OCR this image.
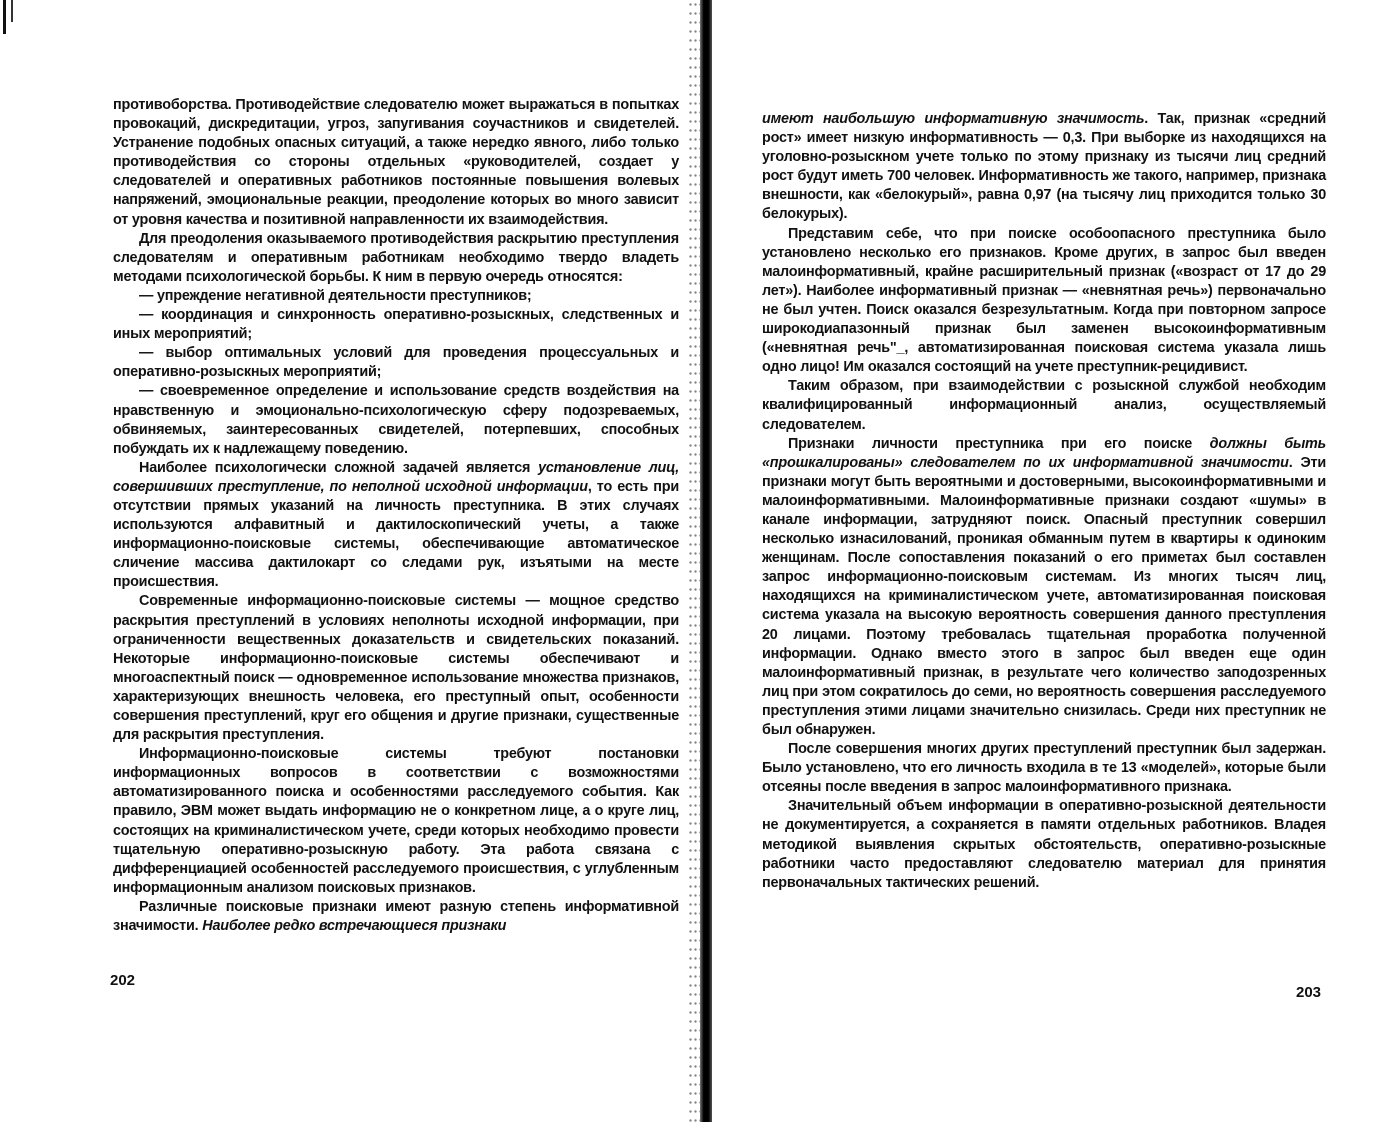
противоборства. Противодействие следователю может выражаться в попытках провокаций, дискредитации, угроз, запугивания соучастников и свидетелей. Устранение подобных опасных ситуаций, а также нередко явного, либо только противодействия со стороны отдельных «руководителей, создает у следователей и оперативных работников постоянные повышения волевых напряжений, эмоциональные реакции, преодоление которых во много зависит от уровня качества и позитивной направленности их взаимодействия.

Для преодоления оказываемого противодействия раскрытию преступления следователям и оперативным работникам необходимо твердо владеть методами психологической борьбы. К ним в первую очередь относятся:

— упреждение негативной деятельности преступников;

— координация и синхронность оперативно-розыскных, следственных и иных мероприятий;

— выбор оптимальных условий для проведения процессуальных и оперативно-розыскных мероприятий;

— своевременное определение и использование средств воздействия на нравственную и эмоционально-психологическую сферу подозреваемых, обвиняемых, заинтересованных свидетелей, потерпевших, способных побуждать их к надлежащему поведению.

Наиболее психологически сложной задачей является установление лиц, совершивших преступление, по неполной исходной информации, то есть при отсутствии прямых указаний на личность преступника. В этих случаях используются алфавитный и дактилоскопический учеты, а также информационно-поисковые системы, обеспечивающие автоматическое сличение массива дактилокарт со следами рук, изъятыми на месте происшествия.

Современные информационно-поисковые системы — мощное средство раскрытия преступлений в условиях неполноты исходной информации, при ограниченности вещественных доказательств и свидетельских показаний. Некоторые информационно-поисковые системы обеспечивают и многоаспектный поиск — одновременное использование множества признаков, характеризующих внешность человека, его преступный опыт, особенности совершения преступлений, круг его общения и другие признаки, существенные для раскрытия преступления.

Информационно-поисковые системы требуют постановки информационных вопросов в соответствии с возможностями автоматизированного поиска и особенностями расследуемого события. Как правило, ЭВМ может выдать информацию не о конкретном лице, а о круге лиц, состоящих на криминалистическом учете, среди которых необходимо провести тщательную оперативно-розыскную работу. Эта работа связана с дифференциацией особенностей расследуемого происшествия, с углубленным информационным анализом поисковых признаков.

Различные поисковые признаки имеют разную степень информативной значимости. Наиболее редко встречающиеся признаки

202

имеют наибольшую информативную значимость. Так, признак «средний рост» имеет низкую информативность — 0,3. При выборке из находящихся на уголовно-розыскном учете только по этому признаку из тысячи лиц средний рост будут иметь 700 человек. Информативность же такого, например, признака внешности, как «белокурый», равна 0,97 (на тысячу лиц приходится только 30 белокурых).

Представим себе, что при поиске особоопасного преступника было установлено несколько его признаков. Кроме других, в запрос был введен малоинформативный, крайне расширительный признак («возраст от 17 до 29 лет»). Наиболее информативный признак — «невнятная речь») первоначально не был учтен. Поиск оказался безрезультатным. Когда при повторном запросе широкодиапазонный признак был заменен высокоинформативным («невнятная речь"_, автоматизированная поисковая система указала лишь одно лицо! Им оказался состоящий на учете преступник-рецидивист.

Таким образом, при взаимодействии с розыскной службой необходим квалифицированный информационный анализ, осуществляемый следователем.

Признаки личности преступника при его поиске должны быть «прошкалированы» следователем по их информативной значимости. Эти признаки могут быть вероятными и достоверными, высокоинформативными и малоинформативными. Малоинформативные признаки создают «шумы» в канале информации, затрудняют поиск. Опасный преступник совершил несколько изнасилований, проникая обманным путем в квартиры к одиноким женщинам. После сопоставления показаний о его приметах был составлен запрос информационно-поисковым системам. Из многих тысяч лиц, находящихся на криминалистическом учете, автоматизированная поисковая система указала на высокую вероятность совершения данного преступления 20 лицами. Поэтому требовалась тщательная проработка полученной информации. Однако вместо этого в запрос был введен еще один малоинформативный признак, в результате чего количество заподозренных лиц при этом сократилось до семи, но вероятность совершения расследуемого преступления этими лицами значительно снизилась. Среди них преступник не был обнаружен.

После совершения многих других преступлений преступник был задержан. Было установлено, что его личность входила в те 13 «моделей», которые были отсеяны после введения в запрос малоинформативного признака.

Значительный объем информации в оперативно-розыскной деятельности не документируется, а сохраняется в памяти отдельных работников. Владея методикой выявления скрытых обстоятельств, оперативно-розыскные работники часто предоставляют следователю материал для принятия первоначальных тактических решений.

203
